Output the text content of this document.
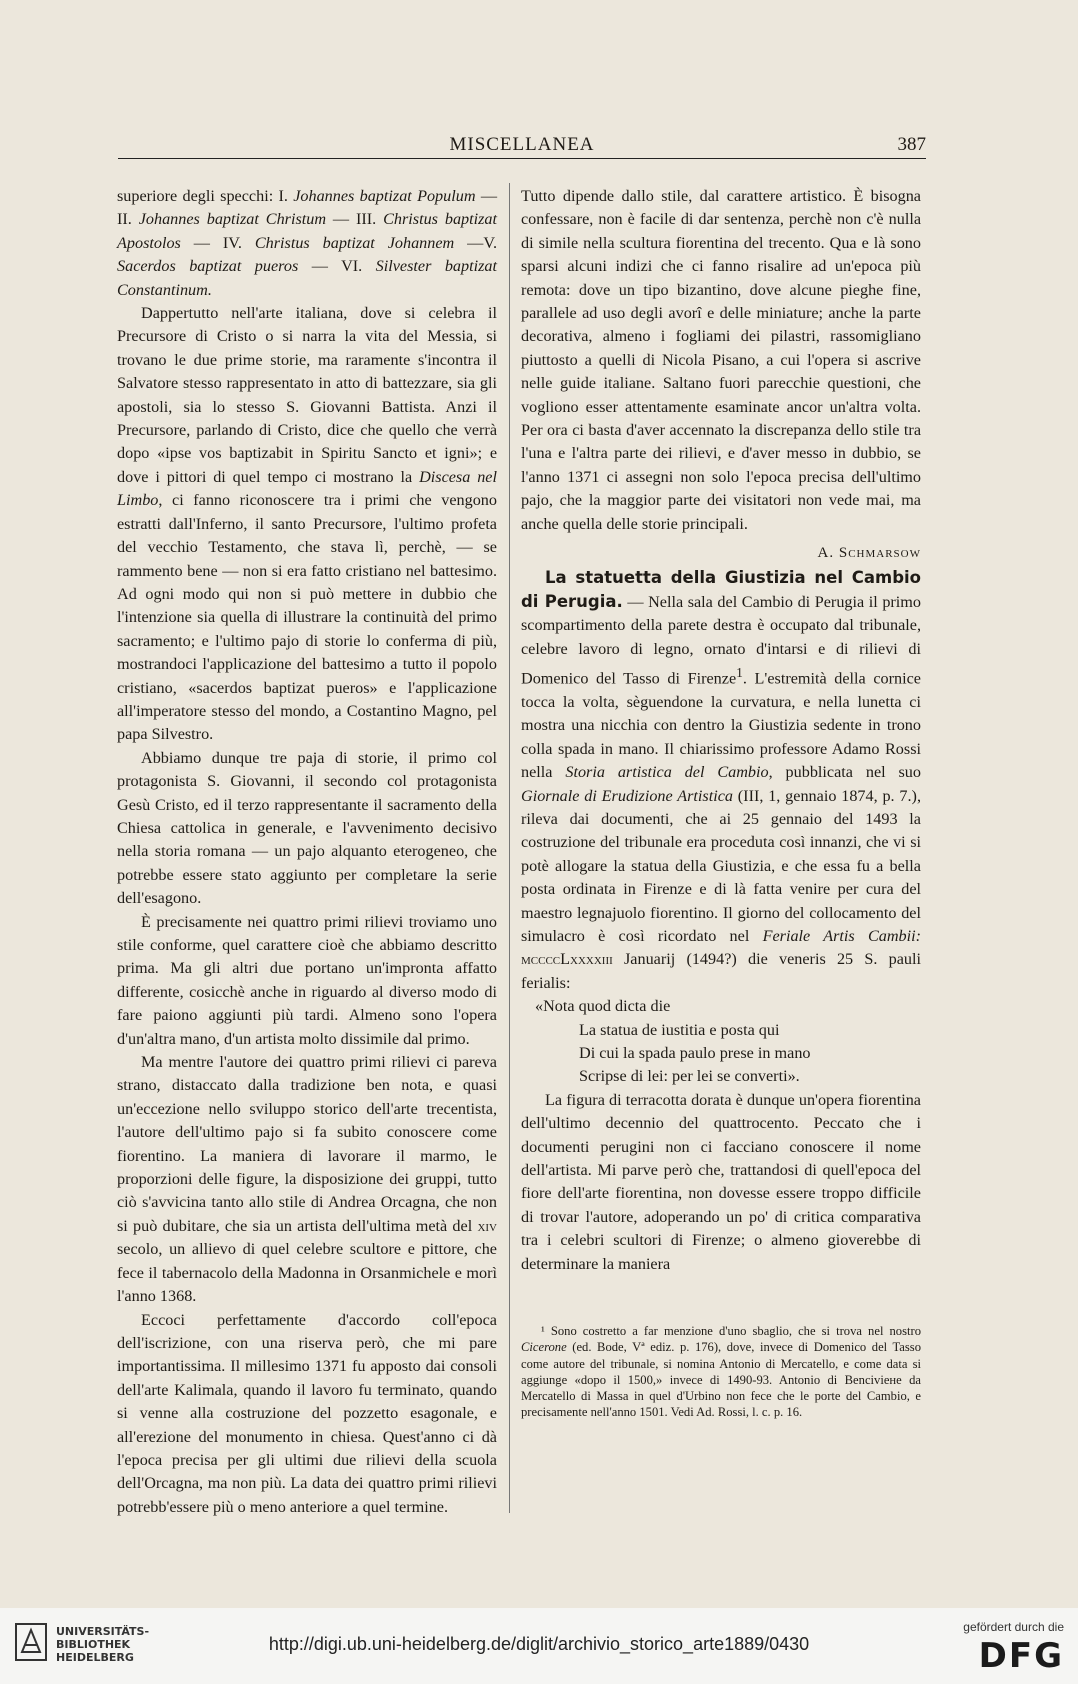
MISCELLANEA	387

superiore degli specchi: I. Johannes baptizat Populum — II. Johannes baptizat Christum — III. Christus baptizat Apostolos — IV. Christus baptizat Johannem —V. Sacerdos baptizat pueros — VI. Silvester baptizat Constantinum.

Dappertutto nell'arte italiana, dove si celebra il Precursore di Cristo o si narra la vita del Messia, si trovano le due prime storie, ma raramente s'incontra il Salvatore stesso rappresentato in atto di battezzare, sia gli apostoli, sia lo stesso S. Giovanni Battista. Anzi il Precursore, parlando di Cristo, dice che quello che verrà dopo «ipse vos baptizabit in Spiritu Sancto et igni»; e dove i pittori di quel tempo ci mostrano la Discesa nel Limbo, ci fanno riconoscere tra i primi che vengono estratti dall'Inferno, il santo Precursore, l'ultimo profeta del vecchio Testamento, che stava lì, perchè, — se rammento bene — non si era fatto cristiano nel battesimo. Ad ogni modo qui non si può mettere in dubbio che l'intenzione sia quella di illustrare la continuità del primo sacramento; e l'ultimo pajo di storie lo conferma di più, mostrandoci l'applicazione del battesimo a tutto il popolo cristiano, «sacerdos baptizat pueros» e l'applicazione all'imperatore stesso del mondo, a Costantino Magno, pel papa Silvestro.

Abbiamo dunque tre paja di storie, il primo col protagonista S. Giovanni, il secondo col protagonista Gesù Cristo, ed il terzo rappresentante il sacramento della Chiesa cattolica in generale, e l'avvenimento decisivo nella storia romana — un pajo alquanto eterogeneo, che potrebbe essere stato aggiunto per completare la serie dell'esagono.

È precisamente nei quattro primi rilievi troviamo uno stile conforme, quel carattere cioè che abbiamo descritto prima. Ma gli altri due portano un'impronta affatto differente, cosicchè anche in riguardo al diverso modo di fare paiono aggiunti più tardi. Almeno sono l'opera d'un'altra mano, d'un artista molto dissimile dal primo.

Ma mentre l'autore dei quattro primi rilievi ci pareva strano, distaccato dalla tradizione ben nota, e quasi un'eccezione nello sviluppo storico dell'arte trecentista, l'autore dell'ultimo pajo si fa subito conoscere come fiorentino. La maniera di lavorare il marmo, le proporzioni delle figure, la disposizione dei gruppi, tutto ciò s'avvicina tanto allo stile di Andrea Orcagna, che non si può dubitare, che sia un artista dell'ultima metà del xiv secolo, un allievo di quel celebre scultore e pittore, che fece il tabernacolo della Madonna in Orsanmichele e morì l'anno 1368.

Eccoci perfettamente d'accordo coll'epoca dell'iscrizione, con una riserva però, che mi pare importantissima. Il millesimo 1371 fu apposto dai consoli dell'arte Kalimala, quando il lavoro fu terminato, quando si venne alla costruzione del pozzetto esagonale, e all'erezione del monumento in chiesa. Quest'anno ci dà l'epoca precisa per gli ultimi due rilievi della scuola dell'Orcagna, ma non più. La data dei quattro primi rilievi potrebb'essere più o meno anteriore a quel termine.

Tutto dipende dallo stile, dal carattere artistico. È bisogna confessare, non è facile di dar sentenza, perchè non c'è nulla di simile nella scultura fiorentina del trecento. Qua e là sono sparsi alcuni indizi che ci fanno risalire ad un'epoca più remota: dove un tipo bizantino, dove alcune pieghe fine, parallele ad uso degli avorî e delle miniature; anche la parte decorativa, almeno i fogliami dei pilastri, rassomigliano piuttosto a quelli di Nicola Pisano, a cui l'opera si ascrive nelle guide italiane. Saltano fuori parecchie questioni, che vogliono esser attentamente esaminate ancor un'altra volta. Per ora ci basta d'aver accennato la discrepanza dello stile tra l'una e l'altra parte dei rilievi, e d'aver messo in dubbio, se l'anno 1371 ci assegni non solo l'epoca precisa dell'ultimo pajo, che la maggior parte dei visitatori non vede mai, ma anche quella delle storie principali.

A. Schmarsow

La statuetta della Giustizia nel Cambio di Perugia. — Nella sala del Cambio di Perugia il primo scompartimento della parete destra è occupato dal tribunale, celebre lavoro di legno, ornato d'intarsi e di rilievi di Domenico del Tasso di Firenze$^1$. L'estremità della cornice tocca la volta, sèguendone la curvatura, e nella lunetta ci mostra una nicchia con dentro la Giustizia sedente in trono colla spada in mano. Il chiarissimo professore Adamo Rossi nella Storia artistica del Cambio, pubblicata nel suo Giornale di Erudizione Artistica (III, 1, gennaio 1874, p. 7.), rileva dai documenti, che ai 25 gennaio del 1493 la costruzione del tribunale era proceduta così innanzi, che vi si potè allogare la statua della Giustizia, e che essa fu a bella posta ordinata in Firenze e di là fatta venire per cura del maestro legnajuolo fiorentino. Il giorno del collocamento del simulacro è così ricordato nel Feriale Artis Cambii: mccccLxxxxiii Januarij (1494?) die veneris 25 S. pauli ferialis:

«Nota quod dicta die
La statua de iustitia e posta qui
Di cui la spada paulo prese in mano
Scripse di lei: per lei se converti».

La figura di terracotta dorata è dunque un'opera fiorentina dell'ultimo decennio del quattrocento. Peccato che i documenti perugini non ci facciano conoscere il nome dell'artista. Mi parve però che, trattandosi di quell'epoca del fiore dell'arte fiorentina, non dovesse essere troppo difficile di trovar l'autore, adoperando un po' di critica comparativa tra i celebri scultori di Firenze; o almeno gioverebbe di determinare la maniera

¹ Sono costretto a far menzione d'uno sbaglio, che si trova nel nostro Cicerone (ed. Bode, Vª ediz. p. 176), dove, invece di Domenico del Tasso come autore del tribunale, si nomina Antonio di Mercatello, e come data si aggiunge «dopo il 1500,» invece di 1490-93. Antonio di Bencivieне da Mercatello di Massa in quel d'Urbino non fece che le porte del Cambio, e precisamente nell'anno 1501. Vedi Ad. Rossi, l. c. p. 16.

UNIVERSITÄTS-
BIBLIOTHEK
HEIDELBERG
http://digi.ub.uni-heidelberg.de/diglit/archivio_storico_arte1889/0430
gefördert durch die
DFG
